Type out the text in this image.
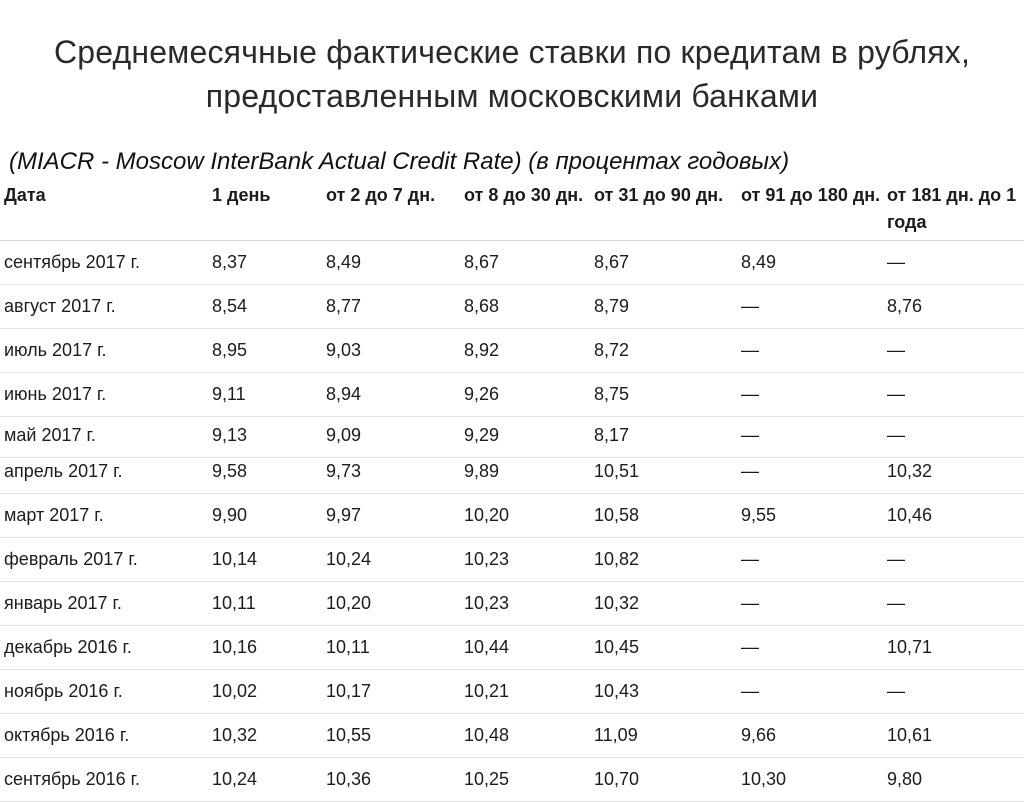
Среднемесячные фактические ставки по кредитам в рублях, предоставленным московскими банками
(MIACR - Moscow InterBank Actual Credit Rate) (в процентах годовых)
Дата	1 день	от 2 до 7 дн.	от 8 до 30 дн.	от 31 до 90 дн.	от 91 до 180 дн.	от 181 дн. до 1 года
сентябрь 2017 г.	8,37	8,49	8,67	8,67	8,49	—
август 2017 г.	8,54	8,77	8,68	8,79	—	8,76
июль 2017 г.	8,95	9,03	8,92	8,72	—	—
июнь 2017 г.	9,11	8,94	9,26	8,75	—	—
май 2017 г.	9,13	9,09	9,29	8,17	—	—
апрель 2017 г.	9,58	9,73	9,89	10,51	—	10,32
март 2017 г.	9,90	9,97	10,20	10,58	9,55	10,46
февраль 2017 г.	10,14	10,24	10,23	10,82	—	—
январь 2017 г.	10,11	10,20	10,23	10,32	—	—
декабрь 2016 г.	10,16	10,11	10,44	10,45	—	10,71
ноябрь 2016 г.	10,02	10,17	10,21	10,43	—	—
октябрь 2016 г.	10,32	10,55	10,48	11,09	9,66	10,61
сентябрь 2016 г.	10,24	10,36	10,25	10,70	10,30	9,80
